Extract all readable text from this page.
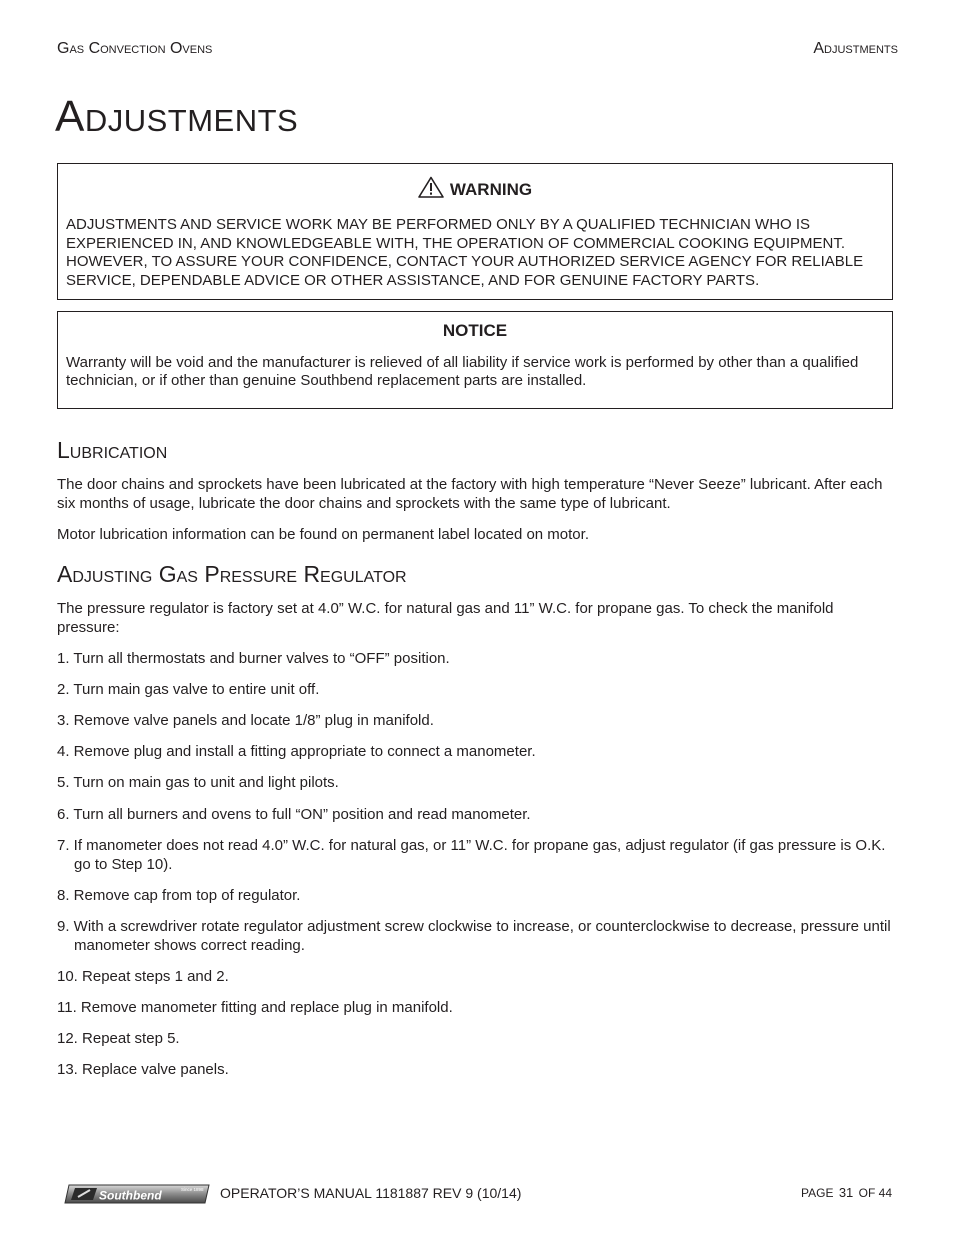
Gas Convection Ovens	Adjustments
Adjustments
WARNING
ADJUSTMENTS AND SERVICE WORK MAY BE PERFORMED ONLY BY A QUALIFIED TECHNICIAN WHO IS EXPERIENCED IN, AND KNOWLEDGEABLE WITH, THE OPERATION OF COMMERCIAL COOKING EQUIPMENT. HOWEVER, TO ASSURE YOUR CONFIDENCE, CONTACT YOUR AUTHORIZED SERVICE AGENCY FOR RELIABLE SERVICE, DEPENDABLE ADVICE OR OTHER ASSISTANCE, AND FOR GENUINE FACTORY PARTS.
NOTICE
Warranty will be void and the manufacturer is relieved of all liability if service work is performed by other than a qualified technician, or if other than genuine Southbend replacement parts are installed.
Lubrication

The door chains and sprockets have been lubricated at the factory with high temperature “Never Seeze” lubricant. After each six months of usage, lubricate the door chains and sprockets with the same type of lubricant.

Motor lubrication information can be found on permanent label located on motor.

Adjusting Gas Pressure Regulator

The pressure regulator is factory set at 4.0” W.C. for natural gas and 11” W.C. for propane gas. To check the manifold pressure:

1. Turn all thermostats and burner valves to “OFF” position.
2. Turn main gas valve to entire unit off.
3. Remove valve panels and locate 1/8” plug in manifold.
4. Remove plug and install a fitting appropriate to connect a manometer.
5. Turn on main gas to unit and light pilots.
6. Turn all burners and ovens to full “ON” position and read manometer.
7. If manometer does not read 4.0” W.C. for natural gas, or 11” W.C. for propane gas, adjust regulator (if gas pressure is O.K. go to Step 10).
8. Remove cap from top of regulator.
9. With a screwdriver rotate regulator adjustment screw clockwise to increase, or counterclockwise to decrease, pressure until manometer shows correct reading.
10. Repeat steps 1 and 2.
11. Remove manometer fitting and replace plug in manifold.
12. Repeat step 5.
13. Replace valve panels.
Southbend	Since 1898 OPERATOR’S MANUAL 1181887 REV 9 (10/14)	PAGE 31 OF 44
